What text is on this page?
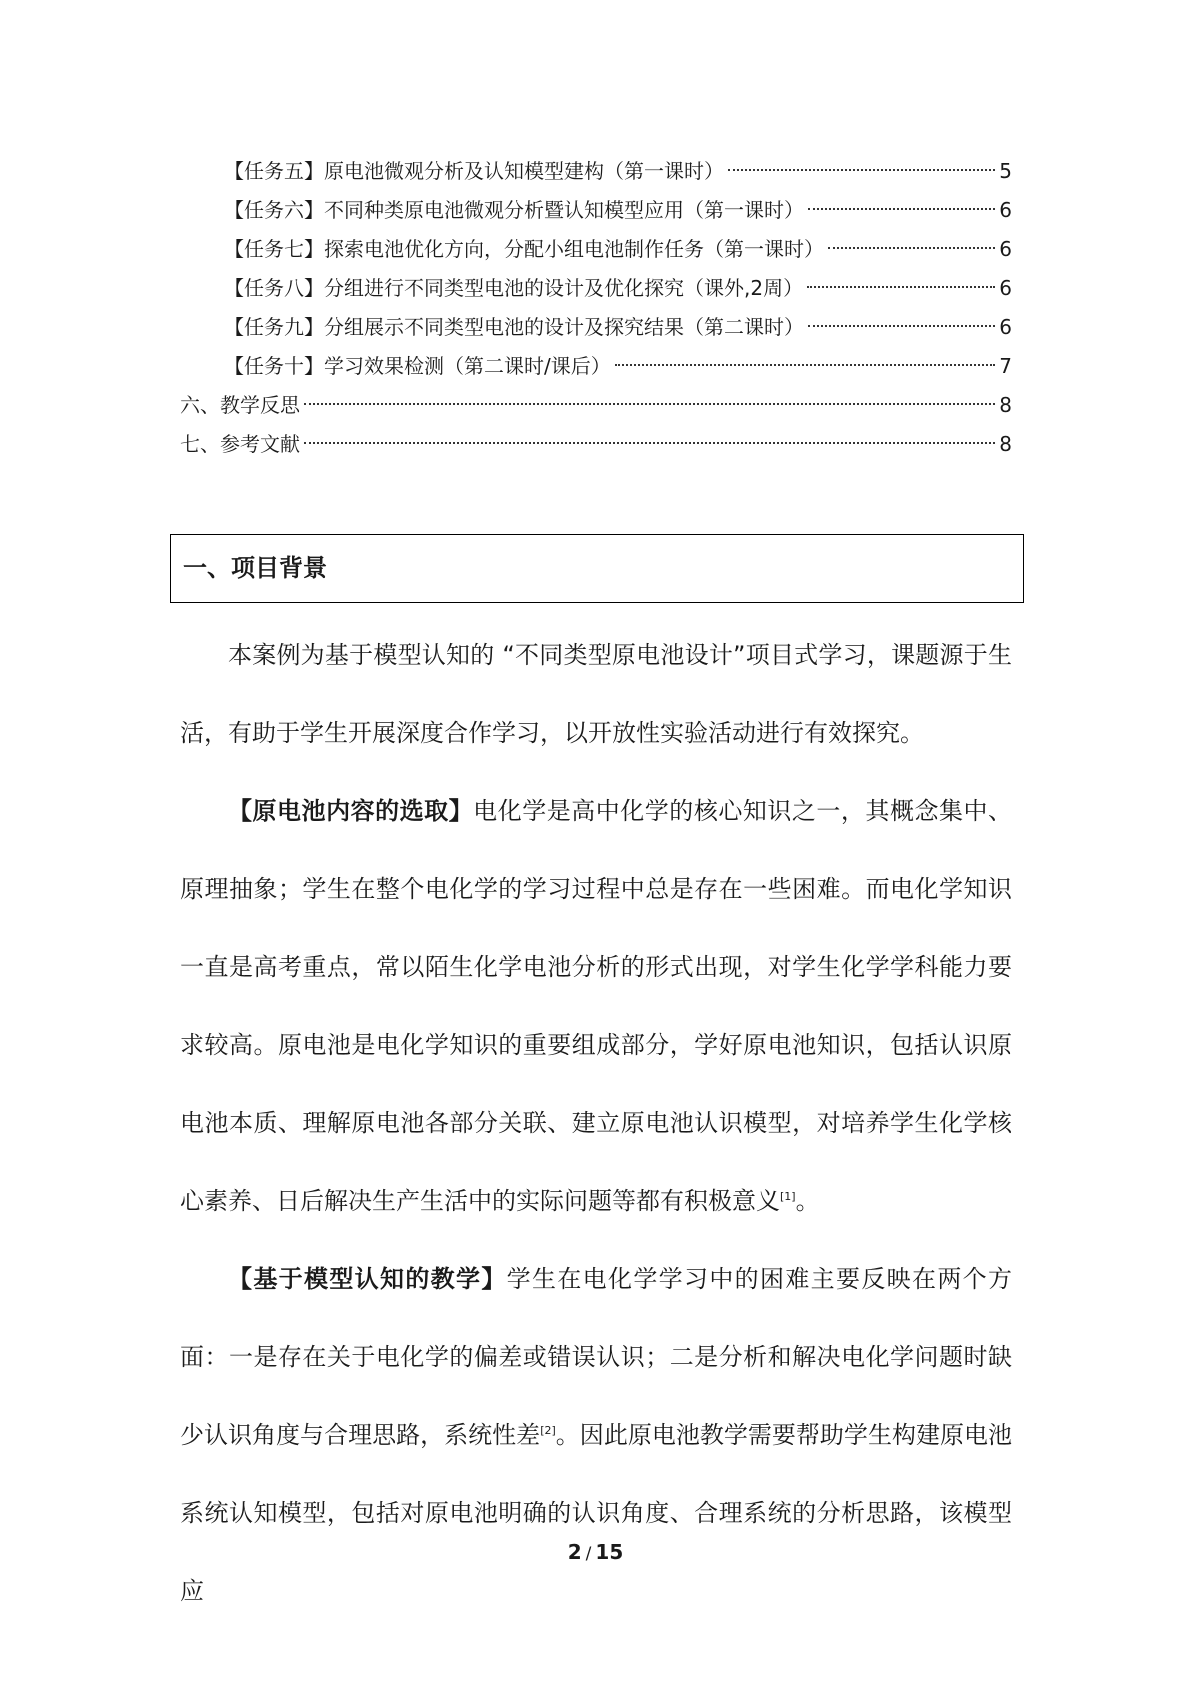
【任务五】原电池微观分析及认知模型建构（第一课时）	5
【任务六】不同种类原电池微观分析暨认知模型应用（第一课时）	6
【任务七】探索电池优化方向，分配小组电池制作任务（第一课时）	6
【任务八】分组进行不同类型电池的设计及优化探究（课外,2周）	6
【任务九】分组展示不同类型电池的设计及探究结果（第二课时）	6
【任务十】学习效果检测（第二课时/课后）	7
六、教学反思	8
七、参考文献	8
一、项目背景

本案例为基于模型认知的 “不同类型原电池设计”项目式学习，课题源于生活，有助于学生开展深度合作学习，以开放性实验活动进行有效探究。

【原电池内容的选取】电化学是高中化学的核心知识之一，其概念集中、原理抽象；学生在整个电化学的学习过程中总是存在一些困难。而电化学知识一直是高考重点，常以陌生化学电池分析的形式出现，对学生化学学科能力要求较高。原电池是电化学知识的重要组成部分，学好原电池知识，包括认识原电池本质、理解原电池各部分关联、建立原电池认识模型，对培养学生化学核心素养、日后解决生产生活中的实际问题等都有积极意义[1]。

【基于模型认知的教学】学生在电化学学习中的困难主要反映在两个方面：一是存在关于电化学的偏差或错误认识；二是分析和解决电化学问题时缺少认识角度与合理思路，系统性差[2]。因此原电池教学需要帮助学生构建原电池系统认知模型，包括对原电池明确的认识角度、合理系统的分析思路，该模型应

2 / 15
